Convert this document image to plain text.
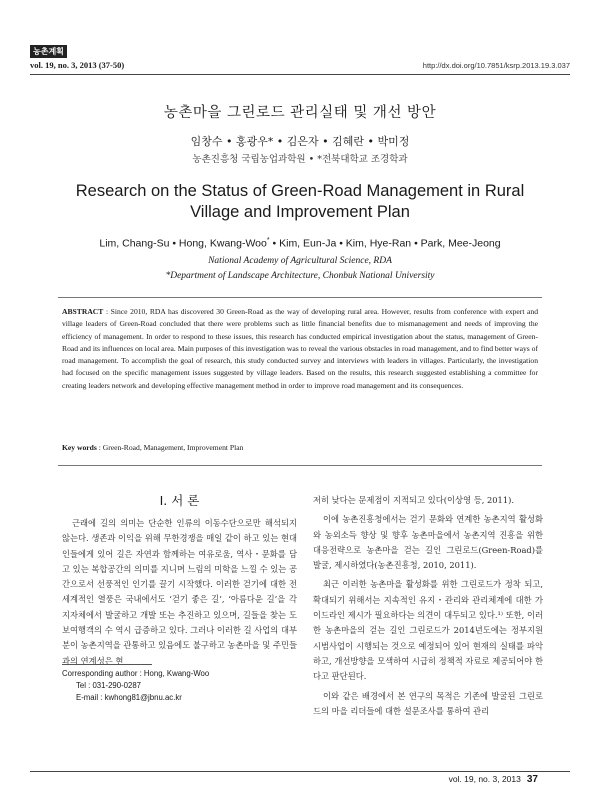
농촌계획
vol. 19, no. 3, 2013 (37-50)	http://dx.doi.org/10.7851/ksrp.2013.19.3.037
농촌마을 그린로드 관리실태 및 개선 방안
임창수 • 홍광우* • 김은자 • 김혜란 • 박미정
농촌진흥청 국립농업과학원 • *전북대학교 조경학과
Research on the Status of Green-Road Management in Rural Village and Improvement Plan
Lim, Chang-Su • Hong, Kwang-Woo* • Kim, Eun-Ja • Kim, Hye-Ran • Park, Mee-Jeong
National Academy of Agricultural Science, RDA
*Department of Landscape Architecture, Chonbuk National University
ABSTRACT : Since 2010, RDA has discovered 30 Green-Road as the way of developing rural area. However, results from conference with expert and village leaders of Green-Road concluded that there were problems such as little financial benefits due to mismanagement and needs of improving the efficiency of management. In order to respond to these issues, this research has conducted empirical investigation about the status, management of Green-Road and its influences on local area. Main purposes of this investigation was to reveal the various obstacles in road management, and to find better ways of road management. To accomplish the goal of research, this study conducted survey and interviews with leaders in villages. Particularly, the investigation had focused on the specific management issues suggested by village leaders. Based on the results, this research suggested establishing a committee for creating leaders network and developing effective management method in order to improve road management and its consequences.
Key words : Green-Road, Management, Improvement Plan
I. 서 론

근래에 길의 의미는 단순한 인류의 이동수단으로만 해석되지 않는다. 생존과 이익을 위해 무한경쟁을 매일 같이 하고 있는 현대인들에게 있어 길은 자연과 함께하는 여유로움, 역사・문화를 담고 있는 복합공간의 의미를 지니며 느림의 미학을 느낄 수 있는 공간으로서 선풍적인 인기를 끌기 시작했다. 이러한 걷기에 대한 전 세계적인 열풍은 국내에서도 ‘걷기 좋은 길’, ‘아름다운 길’을 각 지자체에서 발굴하고 개발 또는 추진하고 있으며, 길들을 찾는 도보여행객의 수 역시 급증하고 있다. 그러나 이러한 길 사업의 대부분이 농촌지역을 관통하고 있음에도 불구하고 농촌마을 및 주민들과의 연계성은 현

저히 낮다는 문제점이 지적되고 있다(이상영 등, 2011).

이에 농촌진흥청에서는 걷기 문화와 연계한 농촌지역 활성화와 농외소득 향상 및 향후 농촌마을에서 농촌지역 진흥을 위한 대응전략으로 농촌마을 걷는 길인 그린로드(Green-Road)를 발굴, 제시하였다(농촌진흥청, 2010, 2011).

최근 이러한 농촌마을 활성화를 위한 그린로드가 정착 되고, 확대되기 위해서는 지속적인 유지・관리와 관리체계에 대한 가이드라인 제시가 필요하다는 의견이 대두되고 있다.¹⁾ 또한, 이러한 농촌마을의 걷는 길인 그린로드가 2014년도에는 정부지원 시범사업이 시행되는 것으로 예정되어 있어 현재의 실태를 파악하고, 개선방향을 모색하여 시급히 정책적 자료로 제공되어야 한다고 판단된다.

이와 같은 배경에서 본 연구의 목적은 기존에 발굴된 그린로드의 마을 리더들에 대한 설문조사를 통하여 관리

Corresponding author : Hong, Kwang-Woo
Tel : 031-290-0287
E-mail : kwhong81@jbnu.ac.kr
vol. 19, no. 3, 2013 37
